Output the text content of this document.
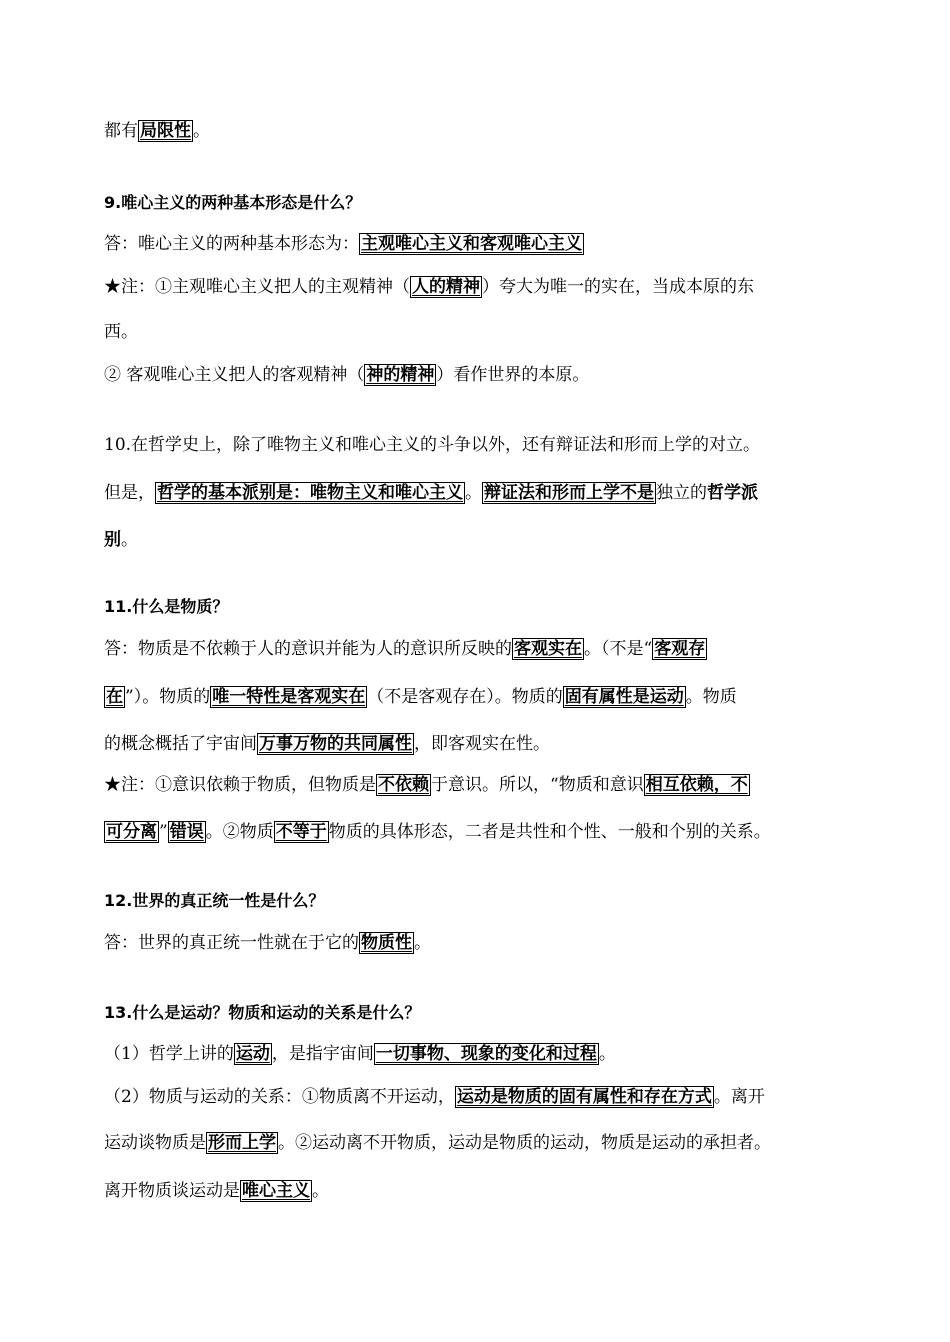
都有 局限性 。
9.唯心主义的两种基本形态是什么？
答：唯心主义的两种基本形态为： 主观唯心主义和客观唯心主义
★注：①主观唯心主义把人的主观精神（ 人的精神 ）夸大为唯一的实在，当成本原的东
西。
② 客观唯心主义把人的客观精神（ 神的精神 ）看作世界的本原。
10.在哲学史上，除了唯物主义和唯心主义的斗争以外，还有辩证法和形而上学的对立。
但是， 哲学的基本派别是：唯物主义和唯心主义 。 辩证法和形而上学不是 独立的哲学派
别。
11.什么是物质？
答：物质是不依赖于人的意识并能为人的意识所反映的 客观实在 。（不是“ 客观存
在 ”）。物质的 唯一特性是客观实在 （不是客观存在）。物质的 固有属性是运动 。物质
的概念概括了宇宙间 万事万物的共同属性 ，即客观实在性。
★注：①意识依赖于物质，但物质是 不依赖 于意识。所以，“物质和意识 相互依赖，不
可分离 ” 错误 。②物质 不等于 物质的具体形态，二者是共性和个性、一般和个别的关系。
12.世界的真正统一性是什么？
答：世界的真正统一性就在于它的 物质性 。
13.什么是运动？物质和运动的关系是什么？
（1）哲学上讲的 运动 ，是指宇宙间 一切事物、现象的变化和过程 。
（2）物质与运动的关系：①物质离不开运动， 运动是物质的固有属性和存在方式 。离开
运动谈物质是 形而上学 。②运动离不开物质，运动是物质的运动，物质是运动的承担者。
离开物质谈运动是 唯心主义 。
